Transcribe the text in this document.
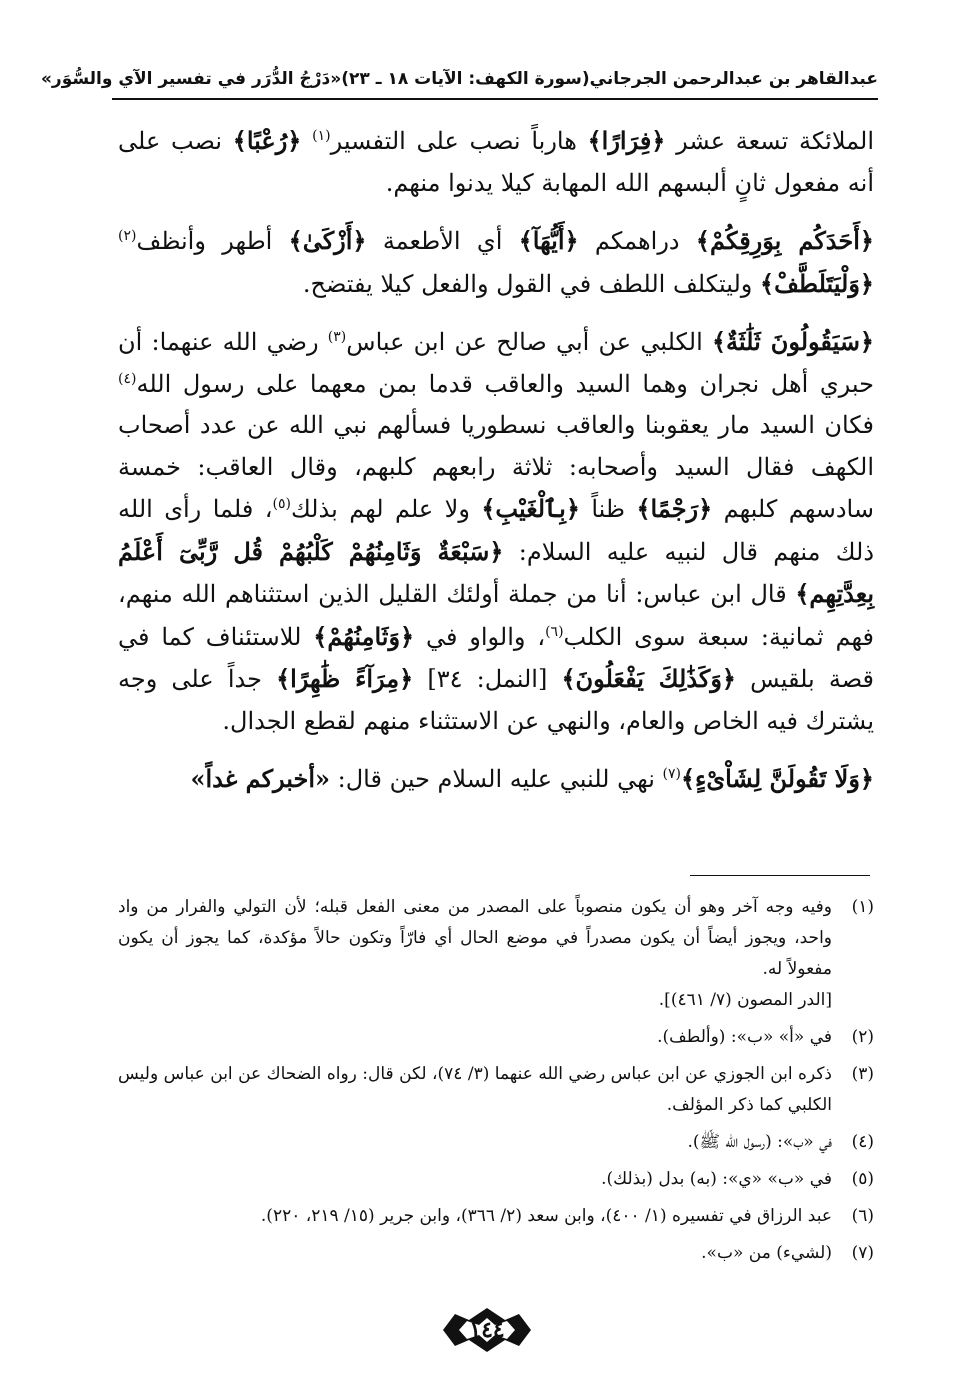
عبدالقاهر بن عبدالرحمن الجرجاني
(سورة الكهف: الآيات ١٨ ـ ٢٣)
«دَرْجُ الدُّرَر في تفسير الآي والسُّوَر»

الملائكة تسعة عشر ﴿فِرَارًا﴾ هارباً نصب على التفسير$^{(١)}$ ﴿رُعْبًا﴾ نصب على أنه مفعول ثانٍ ألبسهم الله المهابة كيلا يدنوا منهم.

﴿أَحَدَكُم بِوَرِقِكُمْ﴾ دراهمكم ﴿أَيُّهَآ﴾ أي الأطعمة ﴿أَزْكَىٰ﴾ أطهر وأنظف$^{(٢)}$ ﴿وَلْيَتَلَطَّفْ﴾ وليتكلف اللطف في القول والفعل كيلا يفتضح.

﴿سَيَقُولُونَ ثَلَٰثَةٌ﴾ الكلبي عن أبي صالح عن ابن عباس$^{(٣)}$ رضي الله عنهما: أن حبري أهل نجران وهما السيد والعاقب قدما بمن معهما على رسول الله$^{(٤)}$ فكان السيد مار يعقوبنا والعاقب نسطوريا فسألهم نبي الله عن عدد أصحاب الكهف فقال السيد وأصحابه: ثلاثة رابعهم كلبهم، وقال العاقب: خمسة سادسهم كلبهم ﴿رَجْمًا﴾ ظناً ﴿بِٱلْغَيْبِ﴾ ولا علم لهم بذلك$^{(٥)}$، فلما رأى الله ذلك منهم قال لنبيه عليه السلام: ﴿سَبْعَةٌ وَثَامِنُهُمْ كَلْبُهُمْ قُل رَّبِّىٓ أَعْلَمُ بِعِدَّتِهِم﴾ قال ابن عباس: أنا من جملة أولئك القليل الذين استثناهم الله منهم، فهم ثمانية: سبعة سوى الكلب$^{(٦)}$، والواو في ﴿وَثَامِنُهُمْ﴾ للاستئناف كما في قصة بلقيس ﴿وَكَذَٰلِكَ يَفْعَلُونَ﴾ [النمل: ٣٤] ﴿مِرَآءً ظَٰهِرًا﴾ جداً على وجه يشترك فيه الخاص والعام، والنهي عن الاستثناء منهم لقطع الجدال.

﴿وَلَا تَقُولَنَّ لِشَاْىْءٍ﴾$^{(٧)}$ نهي للنبي عليه السلام حين قال: «أخبركم غداً»

(١)
وفيه وجه آخر وهو أن يكون منصوباً على المصدر من معنى الفعل قبله؛ لأن التولي والفرار من واد واحد، ويجوز أيضاً أن يكون مصدراً في موضع الحال أي فارّاً وتكون حالاً مؤكدة، كما يجوز أن يكون مفعولاً له.
[الدر المصون (٧/ ٤٦١)].
(٢)
في «أ» «ب»: (وألطف).
(٣)
ذكره ابن الجوزي عن ابن عباس رضي الله عنهما (٣/ ٧٤)، لكن قال: رواه الضحاك عن ابن عباس وليس الكلبي كما ذكر المؤلف.
(٤)
في «ب»: (رسول الله ﷺ).
(٥)
في «ب» «ي»: (به) بدل (بذلك).
(٦)
عبد الرزاق في تفسيره (١/ ٤٠٠)، وابن سعد (٢/ ٣٦٦)، وابن جرير (١٥/ ٢١٩، ٢٢٠).
(٧)
(لشيء) من «ب».
١٤٤
